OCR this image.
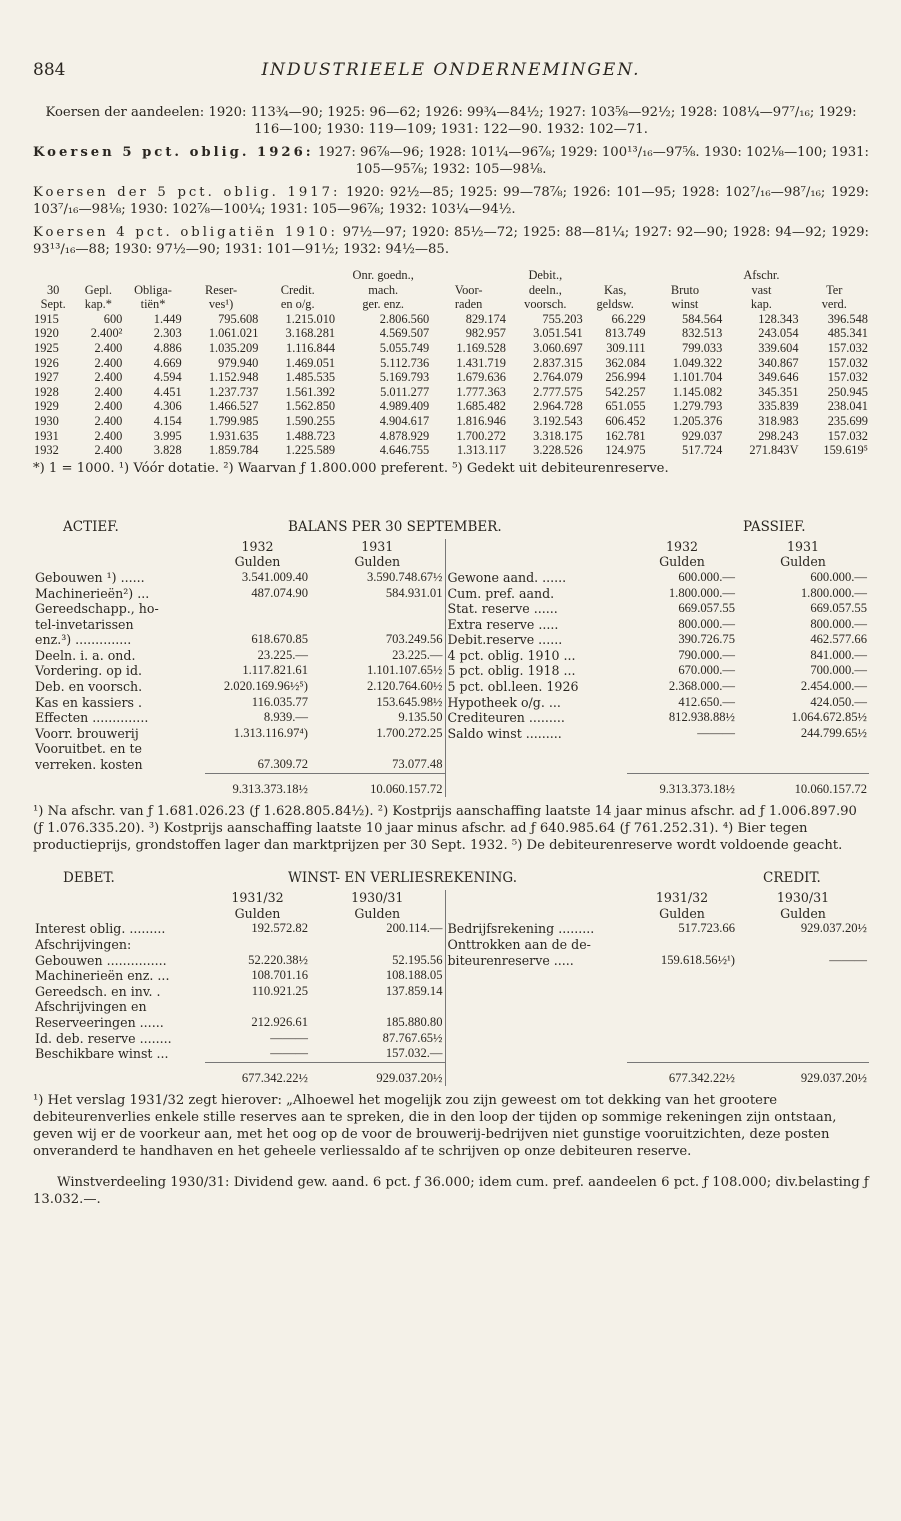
884	INDUSTRIEELE ONDERNEMINGEN.

Koersen der aandeelen: 1920: 113¾—90; 1925: 96—62; 1926: 99¾—84½; 1927: 103⅝—92½; 1928: 108¼—97⁷/₁₆; 1929: 116—100; 1930: 119—109; 1931: 122—90. 1932: 102—71.

Koersen 5 pct. oblig. 1926: 1927: 96⅞—96; 1928: 101¼—96⅞; 1929: 100¹³/₁₆—97⅝. 1930: 102⅛—100; 1931: 105—95⅞; 1932: 105—98⅛.

Koersen der 5 pct. oblig. 1917: 1920: 92½—85; 1925: 99—78⅞; 1926: 101—95; 1928: 102⁷/₁₆—98⁷/₁₆; 1929: 103⁷/₁₆—98⅛; 1930: 102⅞—100¼; 1931: 105—96⅞; 1932: 103¼—94½.

Koersen 4 pct. obligatiën 1910: 97½—97; 1920: 85½—72; 1925: 88—81¼; 1927: 92—90; 1928: 94—92; 1929: 93¹³/₁₆—88; 1930: 97½—90; 1931: 101—91½; 1932: 94½—85.

					Onr. goedn.,		Debit.,			Afschr.	
30	Gepl.	Obliga-	Reser-	Credit.	mach.	Voor-	deeln.,	Kas,	Bruto	vast	Ter
Sept.	kap.*	tiën*	ves¹)	en o/g.	ger. enz.	raden	voorsch.	geldsw.	winst	kap.	verd.
1915	600	1.449	795.608	1.215.010	2.806.560	829.174	755.203	66.229	584.564	128.343	396.548
1920	2.400²	2.303	1.061.021	3.168.281	4.569.507	982.957	3.051.541	813.749	832.513	243.054	485.341
1925	2.400	4.886	1.035.209	1.116.844	5.055.749	1.169.528	3.060.697	309.111	799.033	339.604	157.032
1926	2.400	4.669	979.940	1.469.051	5.112.736	1.431.719	2.837.315	362.084	1.049.322	340.867	157.032
1927	2.400	4.594	1.152.948	1.485.535	5.169.793	1.679.636	2.764.079	256.994	1.101.704	349.646	157.032
1928	2.400	4.451	1.237.737	1.561.392	5.011.277	1.777.363	2.777.575	542.257	1.145.082	345.351	250.945
1929	2.400	4.306	1.466.527	1.562.850	4.989.409	1.685.482	2.964.728	651.055	1.279.793	335.839	238.041
1930	2.400	4.154	1.799.985	1.590.255	4.904.617	1.816.946	3.192.543	606.452	1.205.376	318.983	235.699
1931	2.400	3.995	1.931.635	1.488.723	4.878.929	1.700.272	3.318.175	162.781	929.037	298.243	157.032
1932	2.400	3.828	1.859.784	1.225.589	4.646.755	1.313.117	3.228.526	124.975	517.724	271.843V	159.619⁵

*) 1 = 1000. ¹) Vóór dotatie. ²) Waarvan ƒ 1.800.000 preferent. ⁵) Gedekt uit debiteurenreserve.

ACTIEF.	BALANS PER 30 SEPTEMBER.	PASSIEF.
	1932	1931		1932	1931
	Gulden	Gulden		Gulden	Gulden
Gebouwen ¹) ......	3.541.009.40	3.590.748.67½	Gewone aand. ......	600.000.—	600.000.—
Machinerieën²) ...	487.074.90	584.931.01	Cum. pref. aand.	1.800.000.—	1.800.000.—
Gereedschapp., ho-			Stat. reserve ......	669.057.55	669.057.55
tel-invetarissen			Extra reserve .....	800.000.—	800.000.—
enz.³) ..............	618.670.85	703.249.56	Debit.reserve ......	390.726.75	462.577.66
Deeln. i. a. ond.	23.225.—	23.225.—	4 pct. oblig. 1910 ...	790.000.—	841.000.—
Vordering. op id.	1.117.821.61	1.101.107.65½	5 pct. oblig. 1918 ...	670.000.—	700.000.—
Deb. en voorsch.	2.020.169.96½⁵)	2.120.764.60½	5 pct. obl.leen. 1926	2.368.000.—	2.454.000.—
Kas en kassiers .	116.035.77	153.645.98½	Hypotheek o/g. ...	412.650.—	424.050.—
Effecten ..............	8.939.—	9.135.50	Crediteuren .........	812.938.88½	1.064.672.85½
Voorr. brouwerij	1.313.116.97⁴)	1.700.272.25	Saldo winst .........	———	244.799.65½
Vooruitbet. en te					
verreken. kosten	67.309.72	73.077.48			
	9.313.373.18½	10.060.157.72		9.313.373.18½	10.060.157.72

¹) Na afschr. van ƒ 1.681.026.23 (ƒ 1.628.805.84½). ²) Kostprijs aanschaffing laatste 14 jaar minus afschr. ad ƒ 1.006.897.90 (ƒ 1.076.335.20). ³) Kostprijs aanschaffing laatste 10 jaar minus afschr. ad ƒ 640.985.64 (ƒ 761.252.31). ⁴) Bier tegen productieprijs, grondstoffen lager dan marktprijzen per 30 Sept. 1932. ⁵) De debiteurenreserve wordt voldoende geacht.

DEBET.	WINST- EN VERLIESREKENING.	CREDIT.
	1931/32	1930/31		1931/32	1930/31
	Gulden	Gulden		Gulden	Gulden
Interest oblig. .........	192.572.82	200.114.—	Bedrijfsrekening .........	517.723.66	929.037.20½
Afschrijvingen:			Onttrokken aan de de-		
Gebouwen ...............	52.220.38½	52.195.56	biteurenreserve .....	159.618.56½¹)	———
Machinerieën enz. ...	108.701.16	108.188.05			
Gereedsch. en inv. .	110.921.25	137.859.14			
Afschrijvingen en					
Reserveeringen ......	212.926.61	185.880.80			
Id. deb. reserve ........	———	87.767.65½			
Beschikbare winst ...	———	157.032.—			
	677.342.22½	929.037.20½		677.342.22½	929.037.20½

¹) Het verslag 1931/32 zegt hierover: „Alhoewel het mogelijk zou zijn geweest om tot dekking van het grootere debiteurenverlies enkele stille reserves aan te spreken, die in den loop der tijden op sommige rekeningen zijn ontstaan, geven wij er de voorkeur aan, met het oog op de voor de brouwerij-bedrijven niet gunstige vooruitzichten, deze posten onveranderd te handhaven en het geheele verliessaldo af te schrijven op onze debiteuren reserve.

Winstverdeeling 1930/31: Dividend gew. aand. 6 pct. ƒ 36.000; idem cum. pref. aandeelen 6 pct. ƒ 108.000; div.belasting ƒ 13.032.—.
